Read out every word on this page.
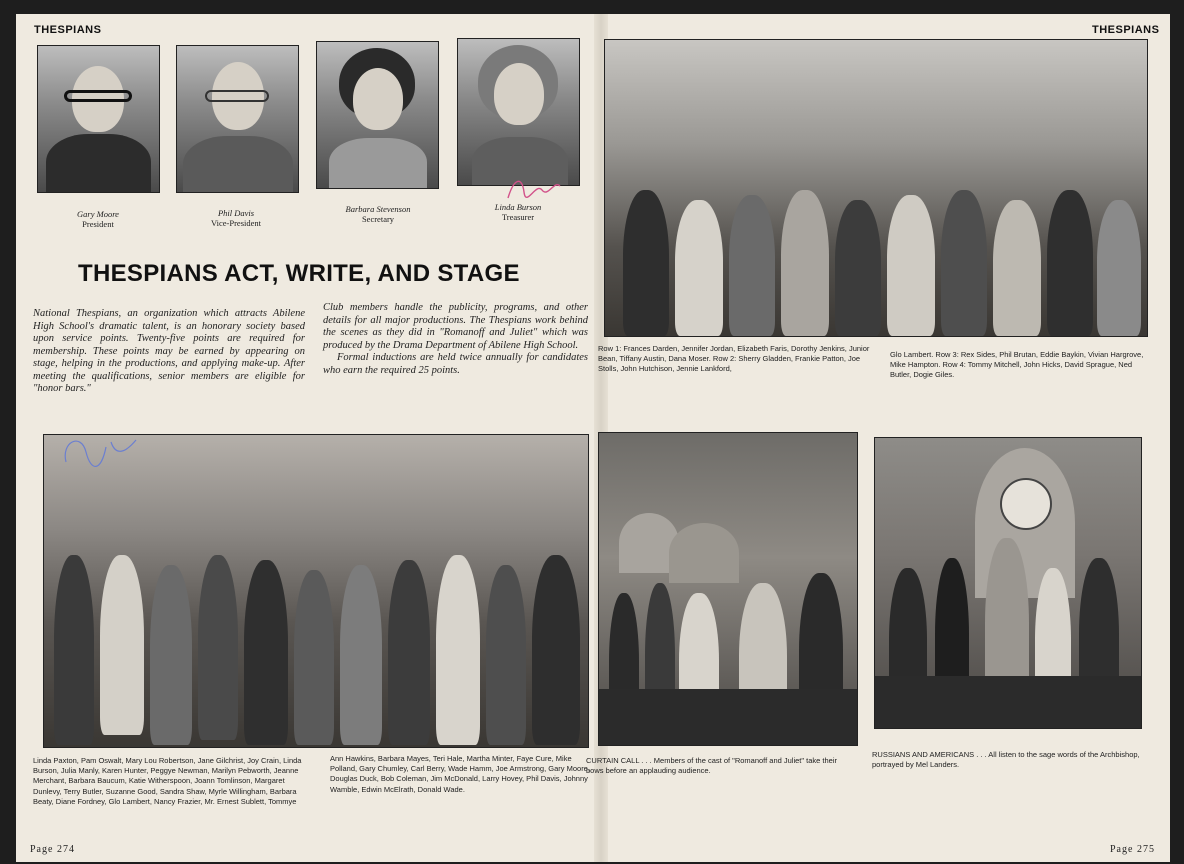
THESPIANS
Gary Moore
President
Phil Davis
Vice-President
Barbara Stevenson
Secretary
Linda Burson
Treasurer
THESPIANS ACT, WRITE, AND STAGE
National Thespians, an organization which attracts Abilene High School's dramatic talent, is an honorary society based upon service points. Twenty-five points are required for membership. These points may be earned by appearing on stage, helping in the productions, and applying make-up. After meeting the qualifications, senior members are eligible for "honor bars."
Club members handle the publicity, programs, and other details for all major productions. The Thespians work behind the scenes as they did in "Romanoff and Juliet" which was produced by the Drama Department of Abilene High School.
Formal inductions are held twice annually for candidates who earn the required 25 points.
Linda Paxton, Pam Oswalt, Mary Lou Robertson, Jane Gilchrist, Joy Crain, Linda Burson, Julia Manly, Karen Hunter, Peggye Newman, Marilyn Pebworth, Jeanne Merchant, Barbara Baucum, Katie Witherspoon, Joann Tomlinson, Margaret Dunlevy, Terry Butler, Suzanne Good, Sandra Shaw, Myrle Willingham, Barbara Beaty, Diane Fordney, Glo Lambert, Nancy Frazier, Mr. Ernest Sublett, Tommye
Ann Hawkins, Barbara Mayes, Teri Hale, Martha Minter, Faye Cure, Mike Polland, Gary Chumley, Carl Berry, Wade Hamm, Joe Armstrong, Gary Moore, Douglas Duck, Bob Coleman, Jim McDonald, Larry Hovey, Phil Davis, Johnny Wamble, Edwin McElrath, Donald Wade.
Page 274
THESPIANS
Row 1: Frances Darden, Jennifer Jordan, Elizabeth Faris, Dorothy Jenkins, Junior Bean, Tiffany Austin, Dana Moser. Row 2: Sherry Gladden, Frankie Patton, Joe Stolls, John Hutchison, Jennie Lankford,
Glo Lambert. Row 3: Rex Sides, Phil Brutan, Eddie Baykin, Vivian Hargrove, Mike Hampton. Row 4: Tommy Mitchell, John Hicks, David Sprague, Ned Butler, Dogie Giles.
CURTAIN CALL . . . Members of the cast of "Romanoff and Juliet" take their bows before an applauding audience.
RUSSIANS AND AMERICANS . . . All listen to the sage words of the Archbishop, portrayed by Mel Landers.
Page 275
